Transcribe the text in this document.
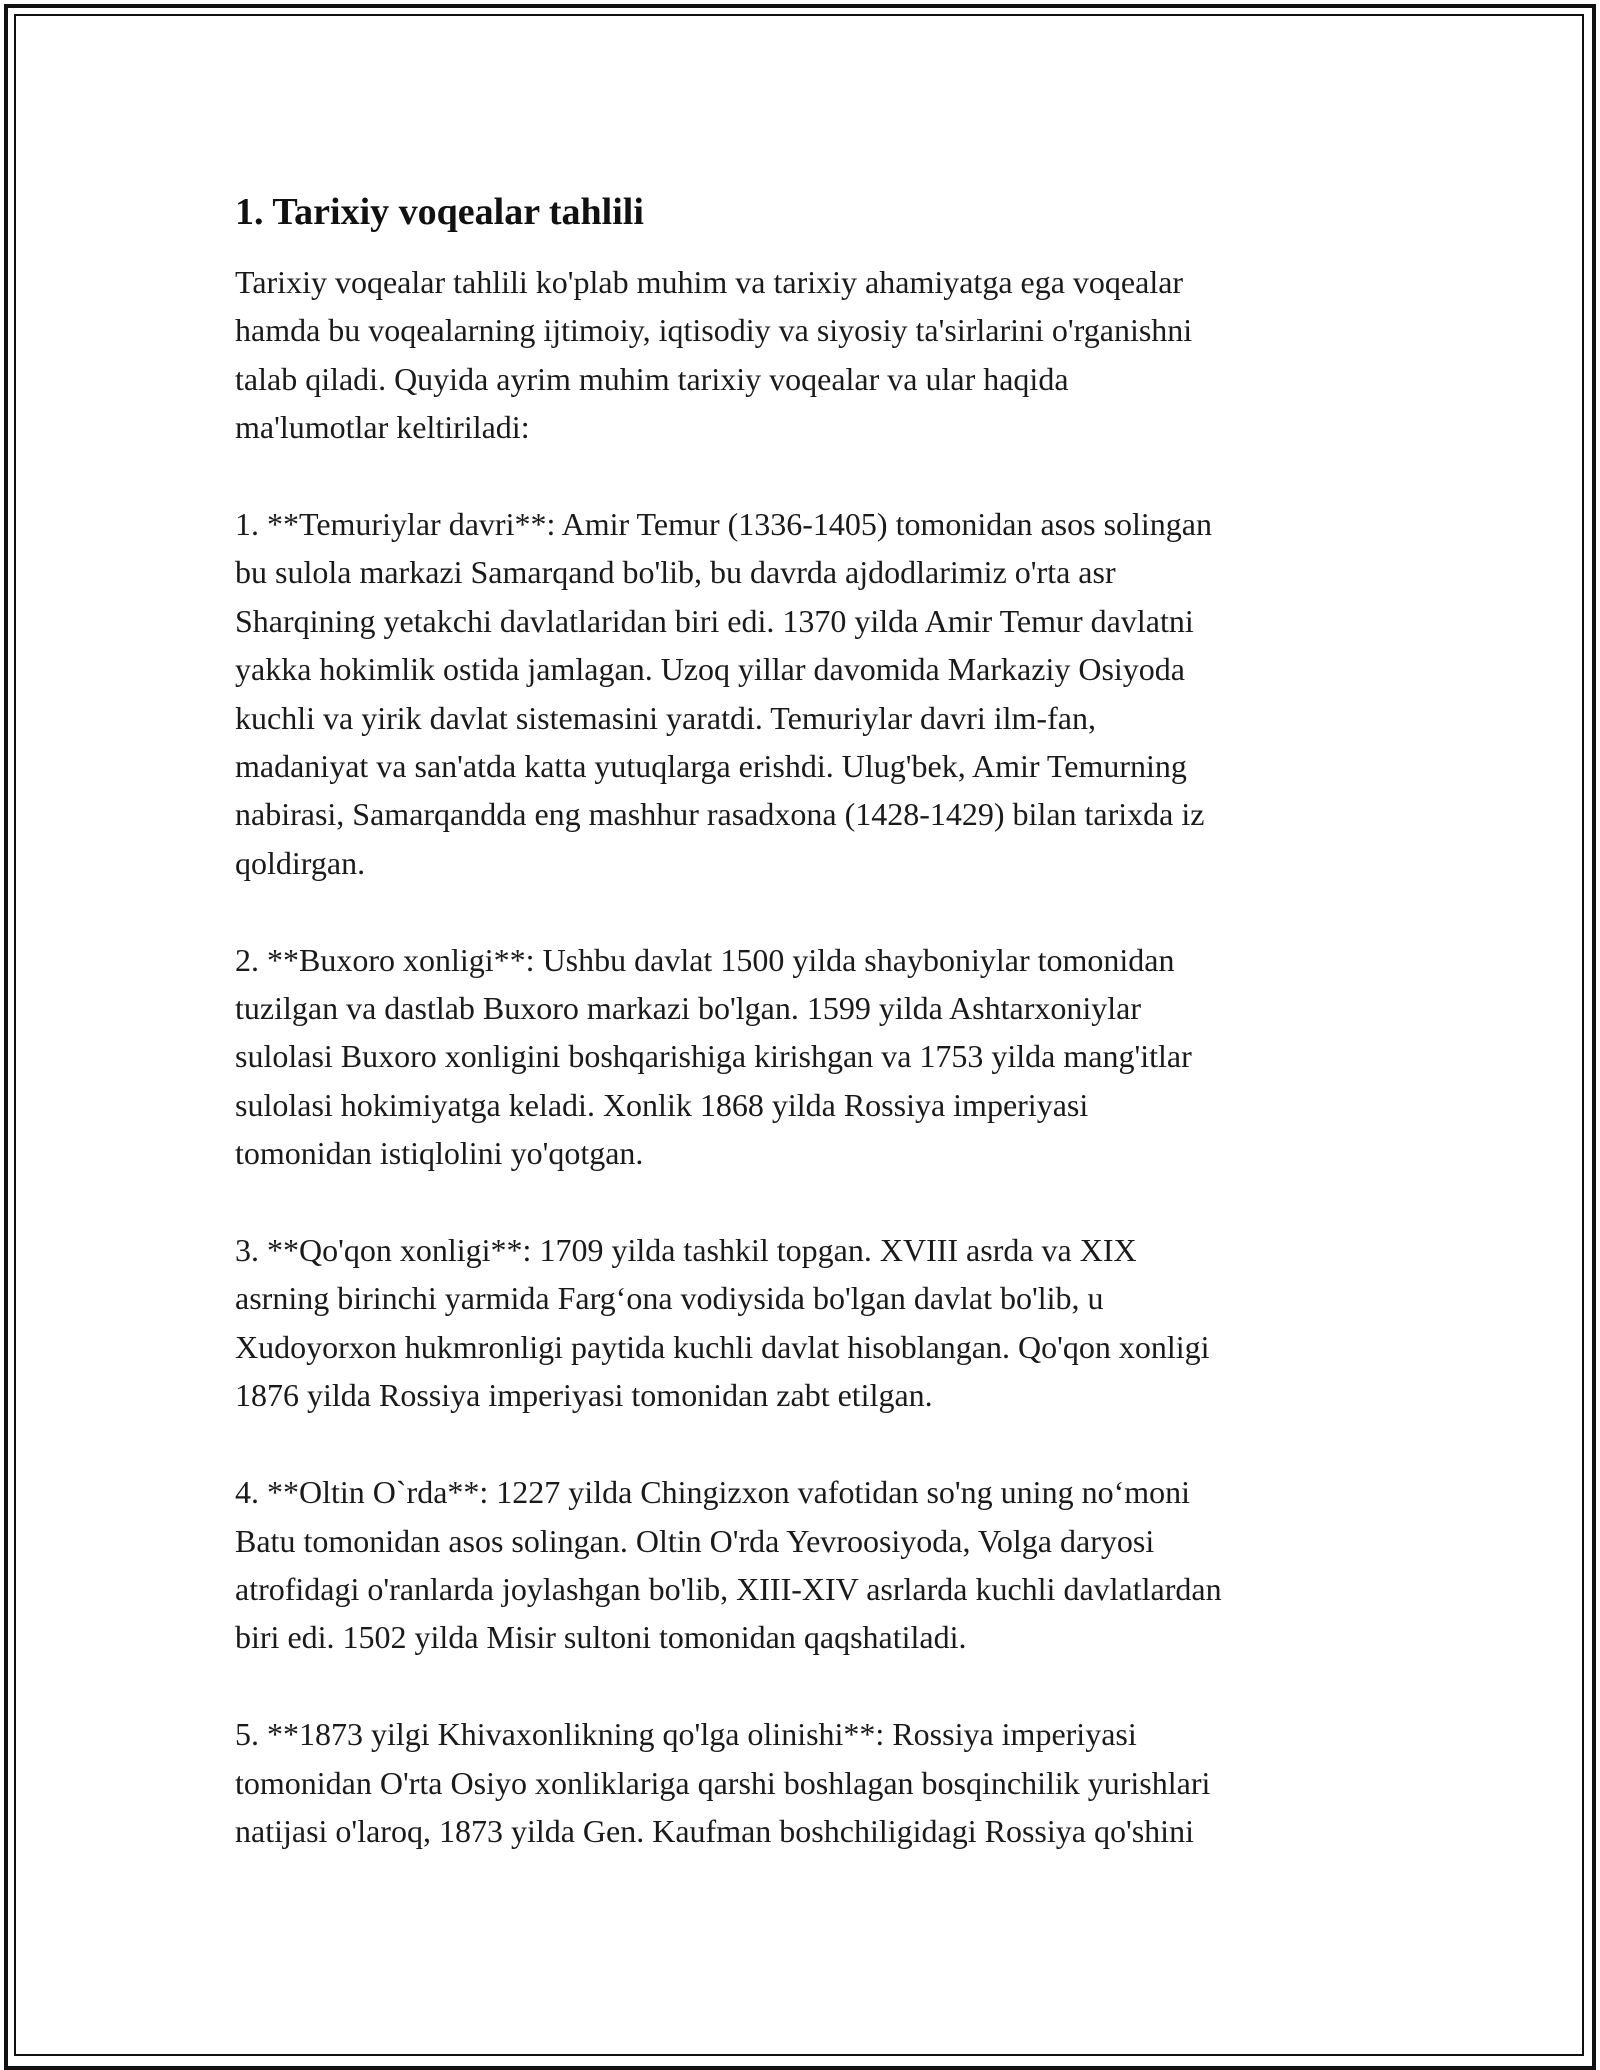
1. Tarixiy voqealar tahlili
Tarixiy voqealar tahlili ko'plab muhim va tarixiy ahamiyatga ega voqealar
hamda bu voqealarning ijtimoiy, iqtisodiy va siyosiy ta'sirlarini o'rganishni
talab qiladi. Quyida ayrim muhim tarixiy voqealar va ular haqida
ma'lumotlar keltiriladi:
1. **Temuriylar davri**: Amir Temur (1336-1405) tomonidan asos solingan
bu sulola markazi Samarqand bo'lib, bu davrda ajdodlarimiz o'rta asr
Sharqining yetakchi davlatlaridan biri edi. 1370 yilda Amir Temur davlatni
yakka hokimlik ostida jamlagan. Uzoq yillar davomida Markaziy Osiyoda
kuchli va yirik davlat sistemasini yaratdi. Temuriylar davri ilm-fan,
madaniyat va san'atda katta yutuqlarga erishdi. Ulug'bek, Amir Temurning
nabirasi, Samarqandda eng mashhur rasadxona (1428-1429) bilan tarixda iz
qoldirgan.
2. **Buxoro xonligi**: Ushbu davlat 1500 yilda shayboniylar tomonidan
tuzilgan va dastlab Buxoro markazi bo'lgan. 1599 yilda Ashtarxoniylar
sulolasi Buxoro xonligini boshqarishiga kirishgan va 1753 yilda mang'itlar
sulolasi hokimiyatga keladi. Xonlik 1868 yilda Rossiya imperiyasi
tomonidan istiqlolini yo'qotgan.
3. **Qo'qon xonligi**: 1709 yilda tashkil topgan. XVIII asrda va XIX
asrning birinchi yarmida Farg‘ona vodiysida bo'lgan davlat bo'lib, u
Xudoyorxon hukmronligi paytida kuchli davlat hisoblangan. Qo'qon xonligi
1876 yilda Rossiya imperiyasi tomonidan zabt etilgan.
4. **Oltin O`rda**: 1227 yilda Chingizxon vafotidan so'ng uning no‘moni
Batu tomonidan asos solingan. Oltin O'rda Yevroosiyoda, Volga daryosi
atrofidagi o'ranlarda joylashgan bo'lib, XIII-XIV asrlarda kuchli davlatlardan
biri edi. 1502 yilda Misir sultoni tomonidan qaqshatiladi.
5. **1873 yilgi Khivaxonlikning qo'lga olinishi**: Rossiya imperiyasi
tomonidan O'rta Osiyo xonliklariga qarshi boshlagan bosqinchilik yurishlari
natijasi o'laroq, 1873 yilda Gen. Kaufman boshchiligidagi Rossiya qo'shini
